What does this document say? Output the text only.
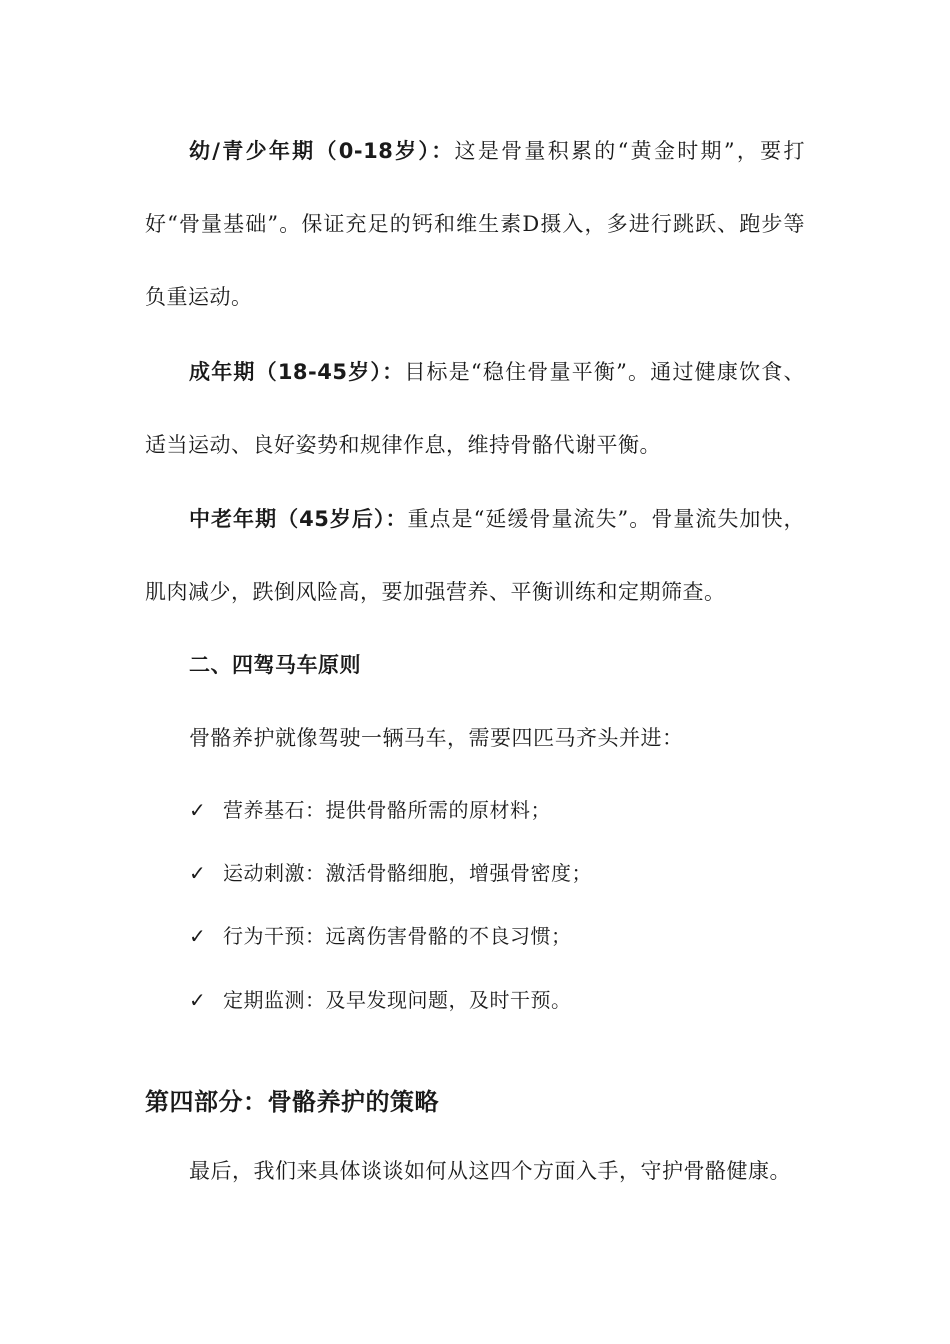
幼/青少年期（0-18岁）：这是骨量积累的“黄金时期”，要打好“骨量基础”。保证充足的钙和维生素D摄入，多进行跳跃、跑步等负重运动。

成年期（18-45岁）：目标是“稳住骨量平衡”。通过健康饮食、适当运动、良好姿势和规律作息，维持骨骼代谢平衡。

中老年期（45岁后）：重点是“延缓骨量流失”。骨量流失加快，肌肉减少，跌倒风险高，要加强营养、平衡训练和定期筛查。

二、四驾马车原则

骨骼养护就像驾驶一辆马车，需要四匹马齐头并进：

✓ 营养基石：提供骨骼所需的原材料；

✓ 运动刺激：激活骨骼细胞，增强骨密度；

✓ 行为干预：远离伤害骨骼的不良习惯；

✓ 定期监测：及早发现问题，及时干预。

第四部分：骨骼养护的策略

最后，我们来具体谈谈如何从这四个方面入手，守护骨骼健康。
